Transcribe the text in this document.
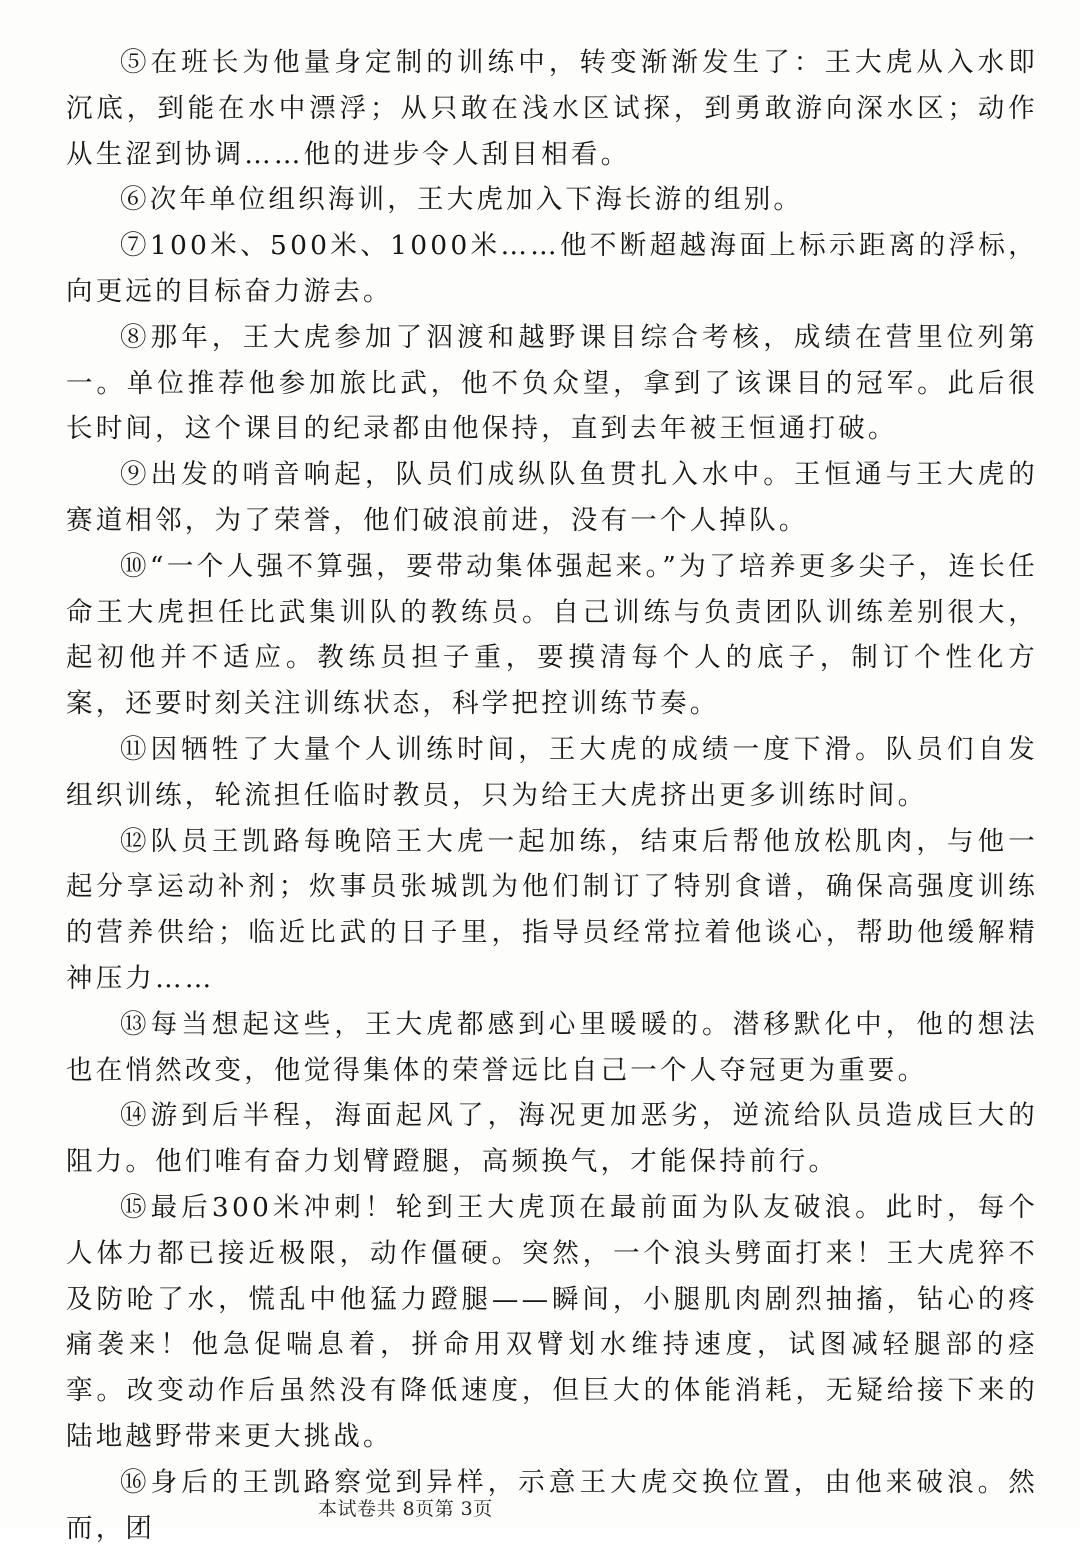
⑤在班长为他量身定制的训练中，转变渐渐发生了：王大虎从入水即沉底，到能在水中漂浮；从只敢在浅水区试探，到勇敢游向深水区；动作从生涩到协调……他的进步令人刮目相看。

⑥次年单位组织海训，王大虎加入下海长游的组别。

⑦100米、500米、1000米……他不断超越海面上标示距离的浮标，向更远的目标奋力游去。

⑧那年，王大虎参加了泅渡和越野课目综合考核，成绩在营里位列第一。单位推荐他参加旅比武，他不负众望，拿到了该课目的冠军。此后很长时间，这个课目的纪录都由他保持，直到去年被王恒通打破。

⑨出发的哨音响起，队员们成纵队鱼贯扎入水中。王恒通与王大虎的赛道相邻，为了荣誉，他们破浪前进，没有一个人掉队。

⑩“一个人强不算强，要带动集体强起来。”为了培养更多尖子，连长任命王大虎担任比武集训队的教练员。自己训练与负责团队训练差别很大，起初他并不适应。教练员担子重，要摸清每个人的底子，制订个性化方案，还要时刻关注训练状态，科学把控训练节奏。

⑪因牺牲了大量个人训练时间，王大虎的成绩一度下滑。队员们自发组织训练，轮流担任临时教员，只为给王大虎挤出更多训练时间。

⑫队员王凯路每晚陪王大虎一起加练，结束后帮他放松肌肉，与他一起分享运动补剂；炊事员张城凯为他们制订了特别食谱，确保高强度训练的营养供给；临近比武的日子里，指导员经常拉着他谈心，帮助他缓解精神压力……

⑬每当想起这些，王大虎都感到心里暖暖的。潜移默化中，他的想法也在悄然改变，他觉得集体的荣誉远比自己一个人夺冠更为重要。

⑭游到后半程，海面起风了，海况更加恶劣，逆流给队员造成巨大的阻力。他们唯有奋力划臂蹬腿，高频换气，才能保持前行。

⑮最后300米冲刺！轮到王大虎顶在最前面为队友破浪。此时，每个人体力都已接近极限，动作僵硬。突然，一个浪头劈面打来！王大虎猝不及防呛了水，慌乱中他猛力蹬腿——瞬间，小腿肌肉剧烈抽搐，钻心的疼痛袭来！他急促喘息着，拼命用双臂划水维持速度，试图减轻腿部的痉挛。改变动作后虽然没有降低速度，但巨大的体能消耗，无疑给接下来的陆地越野带来更大挑战。

⑯身后的王凯路察觉到异样，示意王大虎交换位置，由他来破浪。然而，团

本试卷共 8页第 3页
